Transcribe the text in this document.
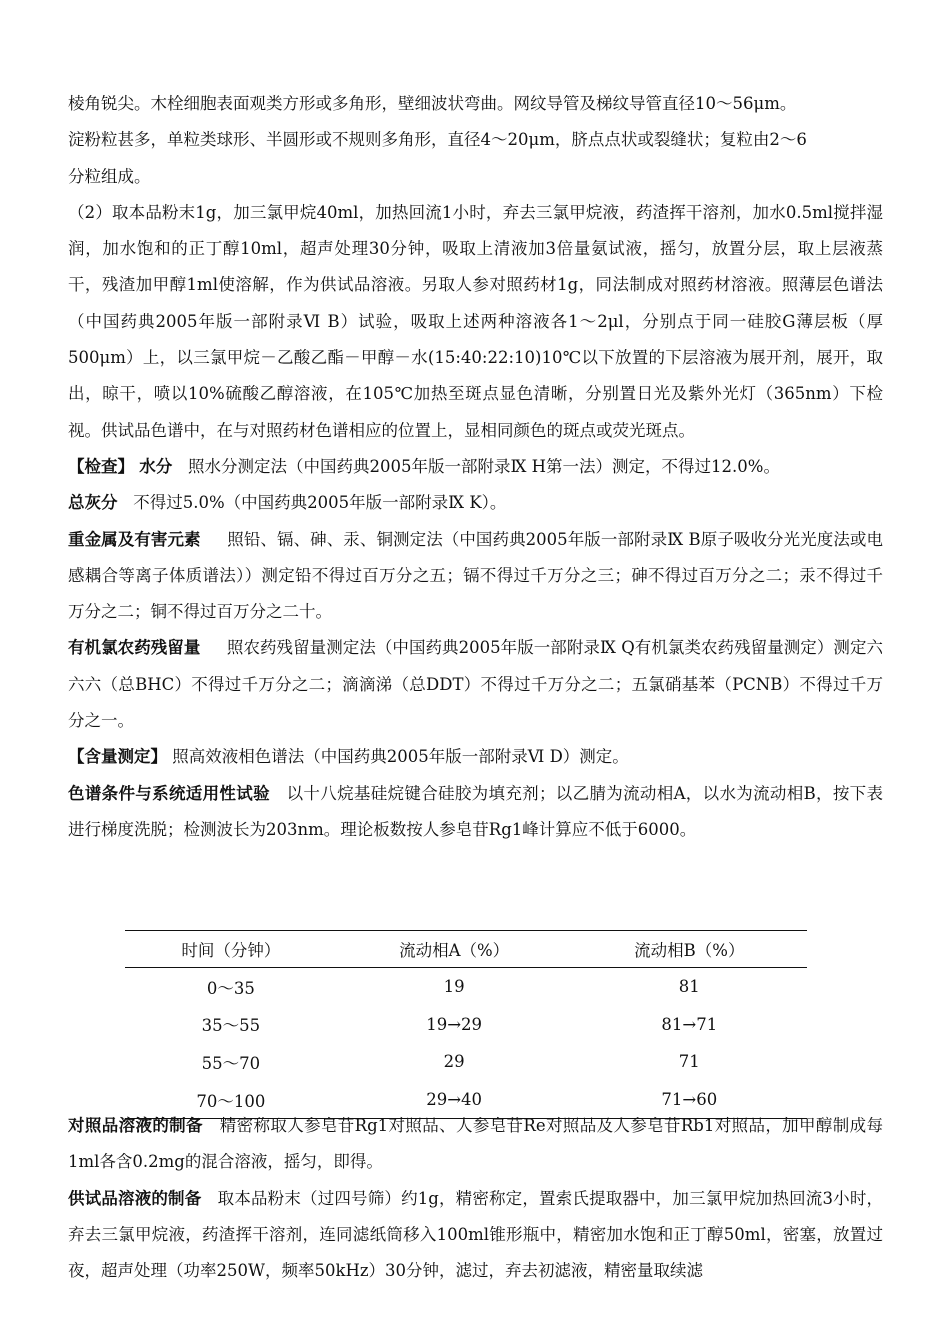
棱角锐尖。木栓细胞表面观类方形或多角形，壁细波状弯曲。网纹导管及梯纹导管直径10～56μm。
淀粉粒甚多，单粒类球形、半圆形或不规则多角形，直径4～20μm，脐点点状或裂缝状；复粒由2～6
分粒组成。

（2）取本品粉末1g，加三氯甲烷40ml，加热回流1小时，弃去三氯甲烷液，药渣挥干溶剂，加水0.5ml搅拌湿润，加水饱和的正丁醇10ml，超声处理30分钟，吸取上清液加3倍量氨试液，摇匀，放置分层，取上层液蒸干，残渣加甲醇1ml使溶解，作为供试品溶液。另取人参对照药材1g，同法制成对照药材溶液。照薄层色谱法（中国药典2005年版一部附录Ⅵ B）试验，吸取上述两种溶液各1～2μl，分别点于同一硅胶G薄层板（厚500μm）上，以三氯甲烷－乙酸乙酯－甲醇－水(15:40:22:10)10℃以下放置的下层溶液为展开剂，展开，取出，晾干，喷以10%硫酸乙醇溶液，在105℃加热至斑点显色清晰，分别置日光及紫外光灯（365nm）下检视。供试品色谱中，在与对照药材色谱相应的位置上，显相同颜色的斑点或荧光斑点。

【检查】 水分 照水分测定法（中国药典2005年版一部附录Ⅸ H第一法）测定，不得过12.0%。

总灰分 不得过5.0%（中国药典2005年版一部附录Ⅸ K）。

重金属及有害元素 照铅、镉、砷、汞、铜测定法（中国药典2005年版一部附录Ⅸ B原子吸收分光光度法或电感耦合等离子体质谱法））测定铅不得过百万分之五；镉不得过千万分之三；砷不得过百万分之二；汞不得过千万分之二；铜不得过百万分之二十。

有机氯农药残留量 照农药残留量测定法（中国药典2005年版一部附录Ⅸ Q有机氯类农药残留量测定）测定六六六（总BHC）不得过千万分之二；滴滴涕（总DDT）不得过千万分之二；五氯硝基苯（PCNB）不得过千万分之一。

【含量测定】 照高效液相色谱法（中国药典2005年版一部附录Ⅵ D）测定。

色谱条件与系统适用性试验 以十八烷基硅烷键合硅胶为填充剂；以乙腈为流动相A，以水为流动相B，按下表进行梯度洗脱；检测波长为203nm。理论板数按人参皂苷Rg1峰计算应不低于6000。

时间（分钟）	流动相A（%）	流动相B（%）
0～35	19	81
35～55	19→29	81→71
55～70	29	71
70～100	29→40	71→60

对照品溶液的制备 精密称取人参皂苷Rg1对照品、人参皂苷Re对照品及人参皂苷Rb1对照品，加甲醇制成每1ml各含0.2mg的混合溶液，摇匀，即得。

供试品溶液的制备 取本品粉末（过四号筛）约1g，精密称定，置索氏提取器中，加三氯甲烷加热回流3小时，弃去三氯甲烷液，药渣挥干溶剂，连同滤纸筒移入100ml锥形瓶中，精密加水饱和正丁醇50ml，密塞，放置过夜，超声处理（功率250W，频率50kHz）30分钟，滤过，弃去初滤液，精密量取续滤
